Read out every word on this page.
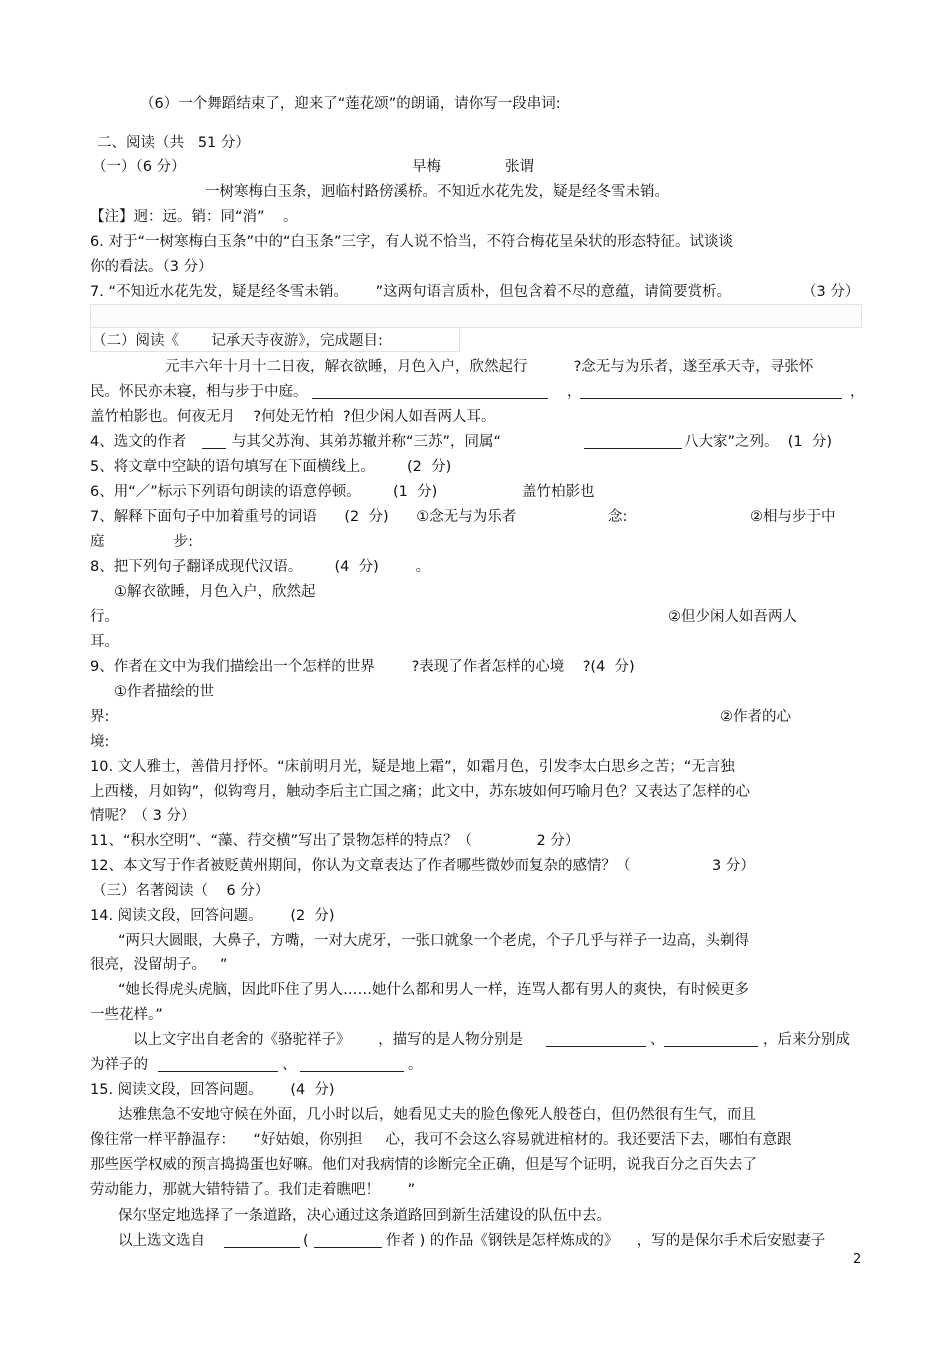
（6）一个舞蹈结束了，迎来了“莲花颂”的朗诵，请你写一段串词:
二、阅读（共   51 分）
（一）（6 分）	早梅	张谓
一树寒梅白玉条，迥临村路傍溪桥。不知近水花先发，疑是经冬雪未销。
【注】迥：远。销：同“消”    。
6. 对于“一树寒梅白玉条”中的“白玉条”三字，有人说不恰当，不符合梅花呈朵状的形态特征。试谈谈
你的看法。（3 分）
7. “不知近水花先发，疑是经冬雪未销。      ”这两句语言质朴，但包含着不尽的意蕴，请简要赏析。	（3 分）
（二）阅读《       记承天寺夜游》，完成题目:
元丰六年十月十二日夜，解衣欲睡，月色入户，欣然起行          ?念无与为乐者，遂至承天寺，寻张怀
民。怀民亦未寝，相与步于中庭。	，	，
盖竹柏影也。何夜无月    ?何处无竹柏  ?但少闲人如吾两人耳。
4、选文的作者	与其父苏洵、其弟苏辙并称“三苏”，同属“	八大家”之列。  (1  分)
5、将文章中空缺的语句填写在下面横线上。       (2  分)
6、用“／”标示下列语句朗读的语意停顿。       (1  分)	盖竹柏影也
7、解释下面句子中加着重号的词语      (2  分)      ①念无与为乐者	念:	②相与步于中
庭               步:
8、把下列句子翻译成现代汉语。       (4  分)        。
①解衣欲睡，月色入户，欣然起
行。	②但少闲人如吾两人
耳。
9、作者在文中为我们描绘出一个怎样的世界        ?表现了作者怎样的心境    ?(4  分)
①作者描绘的世
界:	②作者的心
境:
10. 文人雅士，善借月抒怀。“床前明月光，疑是地上霜”，如霜月色，引发李太白思乡之苦；“无言独
上西楼，月如钩”，似钩弯月，触动李后主亡国之痛；此文中，苏东坡如何巧喻月色？又表达了怎样的心
情呢？（ 3 分）
11、“积水空明”、“藻、荇交横”写出了景物怎样的特点？（              2 分）
12、本文写于作者被贬黄州期间，你认为文章表达了作者哪些微妙而复杂的感情？（	3 分）
（三）名著阅读（    6 分）
14. 阅读文段，回答问题。      (2  分)
“两只大圆眼，大鼻子，方嘴，一对大虎牙，一张口就象一个老虎，个子几乎与祥子一边高，头剃得
很亮，没留胡子。   ”
“她长得虎头虎脑，因此吓住了男人……她什么都和男人一样，连骂人都有男人的爽快，有时候更多
一些花样。”
以上文字出自老舍的《骆驼祥子》      ，描写的是人物分别是	、	，后来分别成
为祥子的	、	。
15. 阅读文段，回答问题。      (4  分)
达雅焦急不安地守候在外面，几小时以后，她看见丈夫的脸色像死人般苍白，但仍然很有生气，而且
像往常一样平静温存：    “好姑娘，你别担     心，我可不会这么容易就进棺材的。我还要活下去，哪怕有意跟
那些医学权威的预言捣捣蛋也好嘛。他们对我病情的诊断完全正确，但是写个证明，说我百分之百失去了
劳动能力，那就大错特错了。我们走着瞧吧！      ”
保尔坚定地选择了一条道路，决心通过这条道路回到新生活建设的队伍中去。
以上选文选自	(	作者 ) 的作品《钢铁是怎样炼成的》    ，写的是保尔手术后安慰妻子
2
